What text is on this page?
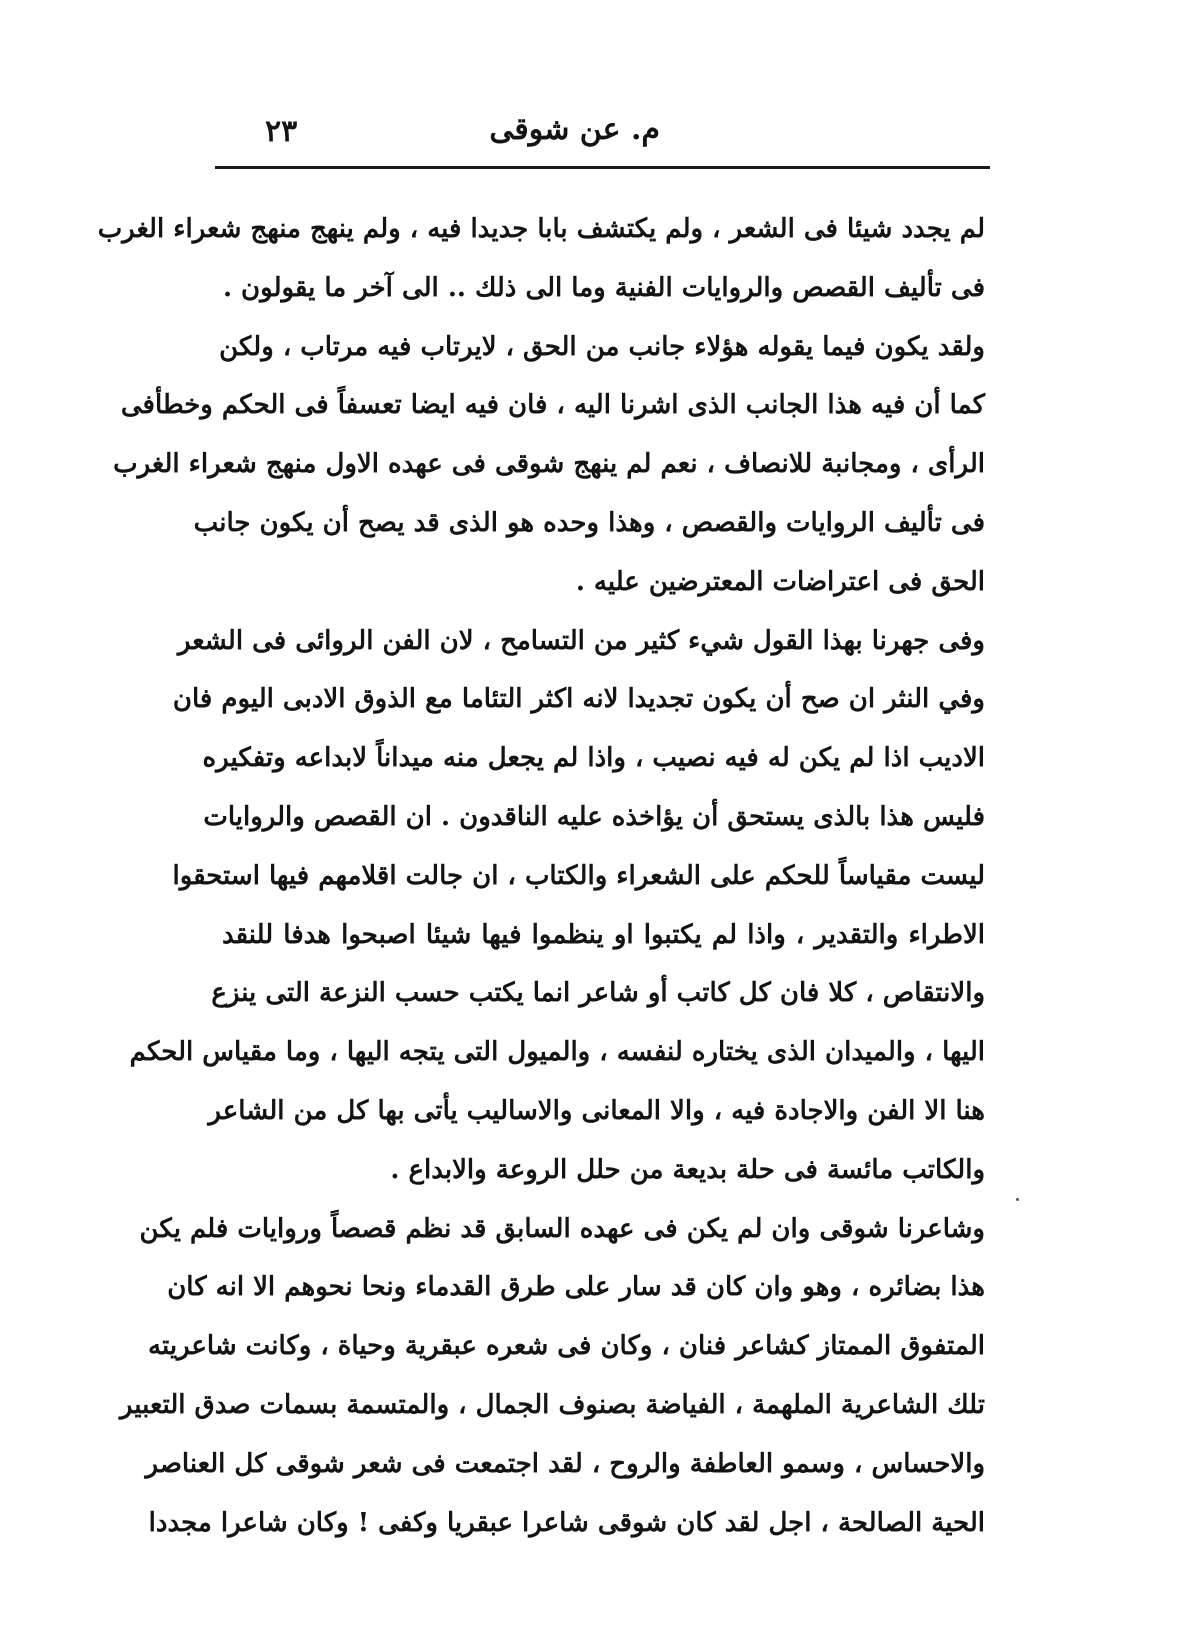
م. عن شوقى
٢٣
لم يجدد شيئا فى الشعر ، ولم يكتشف بابا جديدا فيه ، ولم ينهج منهج شعراء الغرب
فى تأليف القصص والروايات الفنية وما الى ذلك .. الى آخر ما يقولون .
ولقد يكون فيما يقوله هؤلاء جانب من الحق ، لايرتاب فيه مرتاب ، ولكن
كما أن فيه هذا الجانب الذى اشرنا اليه ، فان فيه ايضا تعسفاً فى الحكم وخطأفى
الرأى ، ومجانبة للانصاف ، نعم لم ينهج شوقى فى عهده الاول منهج شعراء الغرب
فى تأليف الروايات والقصص ، وهذا وحده هو الذى قد يصح أن يكون جانب
الحق فى اعتراضات المعترضين عليه .
وفى جهرنا بهذا القول شيء كثير من التسامح ، لان الفن الروائى فى الشعر
وفي النثر ان صح أن يكون تجديدا لانه اكثر التئاما مع الذوق الادبى اليوم فان
الاديب اذا لم يكن له فيه نصيب ، واذا لم يجعل منه ميداناً لابداعه وتفكيره
فليس هذا بالذى يستحق أن يؤاخذه عليه الناقدون . ان القصص والروايات
ليست مقياساً للحكم على الشعراء والكتاب ، ان جالت اقلامهم فيها استحقوا
الاطراء والتقدير ، واذا لم يكتبوا او ينظموا فيها شيئا اصبحوا هدفا للنقد
والانتقاص ، كلا فان كل كاتب أو شاعر انما يكتب حسب النزعة التى ينزع
اليها ، والميدان الذى يختاره لنفسه ، والميول التى يتجه اليها ، وما مقياس الحكم
هنا الا الفن والاجادة فيه ، والا المعانى والاساليب يأتى بها كل من الشاعر
والكاتب مائسة فى حلة بديعة من حلل الروعة والابداع .
وشاعرنا شوقى وان لم يكن فى عهده السابق قد نظم قصصاً وروايات فلم يكن
هذا بضائره ، وهو وان كان قد سار على طرق القدماء ونحا نحوهم الا انه كان
المتفوق الممتاز كشاعر فنان ، وكان فى شعره عبقرية وحياة ، وكانت شاعريته
تلك الشاعرية الملهمة ، الفياضة بصنوف الجمال ، والمتسمة بسمات صدق التعبير
والاحساس ، وسمو العاطفة والروح ، لقد اجتمعت فى شعر شوقى كل العناصر
الحية الصالحة ، اجل لقد كان شوقى شاعرا عبقريا وكفى ! وكان شاعرا مجددا
